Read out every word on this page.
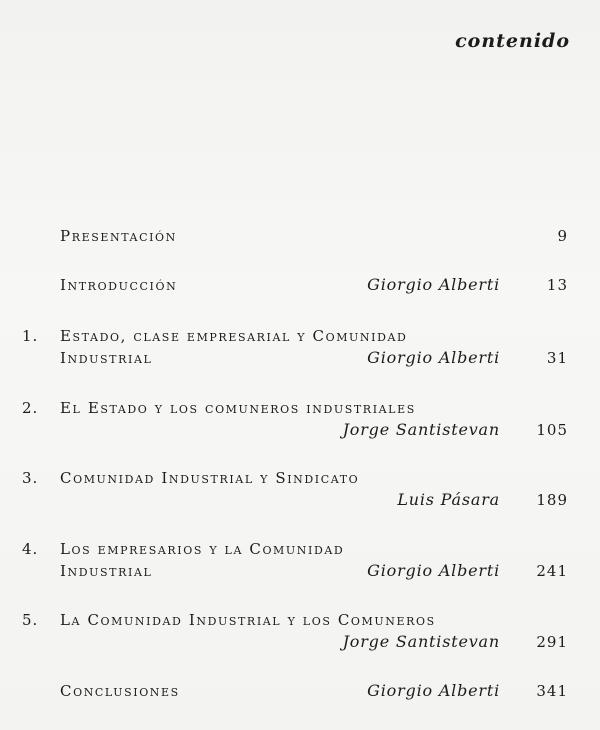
contenido
Presentación	9
Introducción	Giorgio Alberti	13
1. Estado, clase empresarial y Comunidad
Industrial	Giorgio Alberti	31
2. El Estado y los comuneros industriales
Jorge Santistevan 105
3. Comunidad Industrial y Sindicato
Luis Pásara 189
4. Los empresarios y la Comunidad
Industrial	Giorgio Alberti 241
5. La Comunidad Industrial y los Comuneros
Jorge Santistevan 291
Conclusiones	Giorgio Alberti 341
